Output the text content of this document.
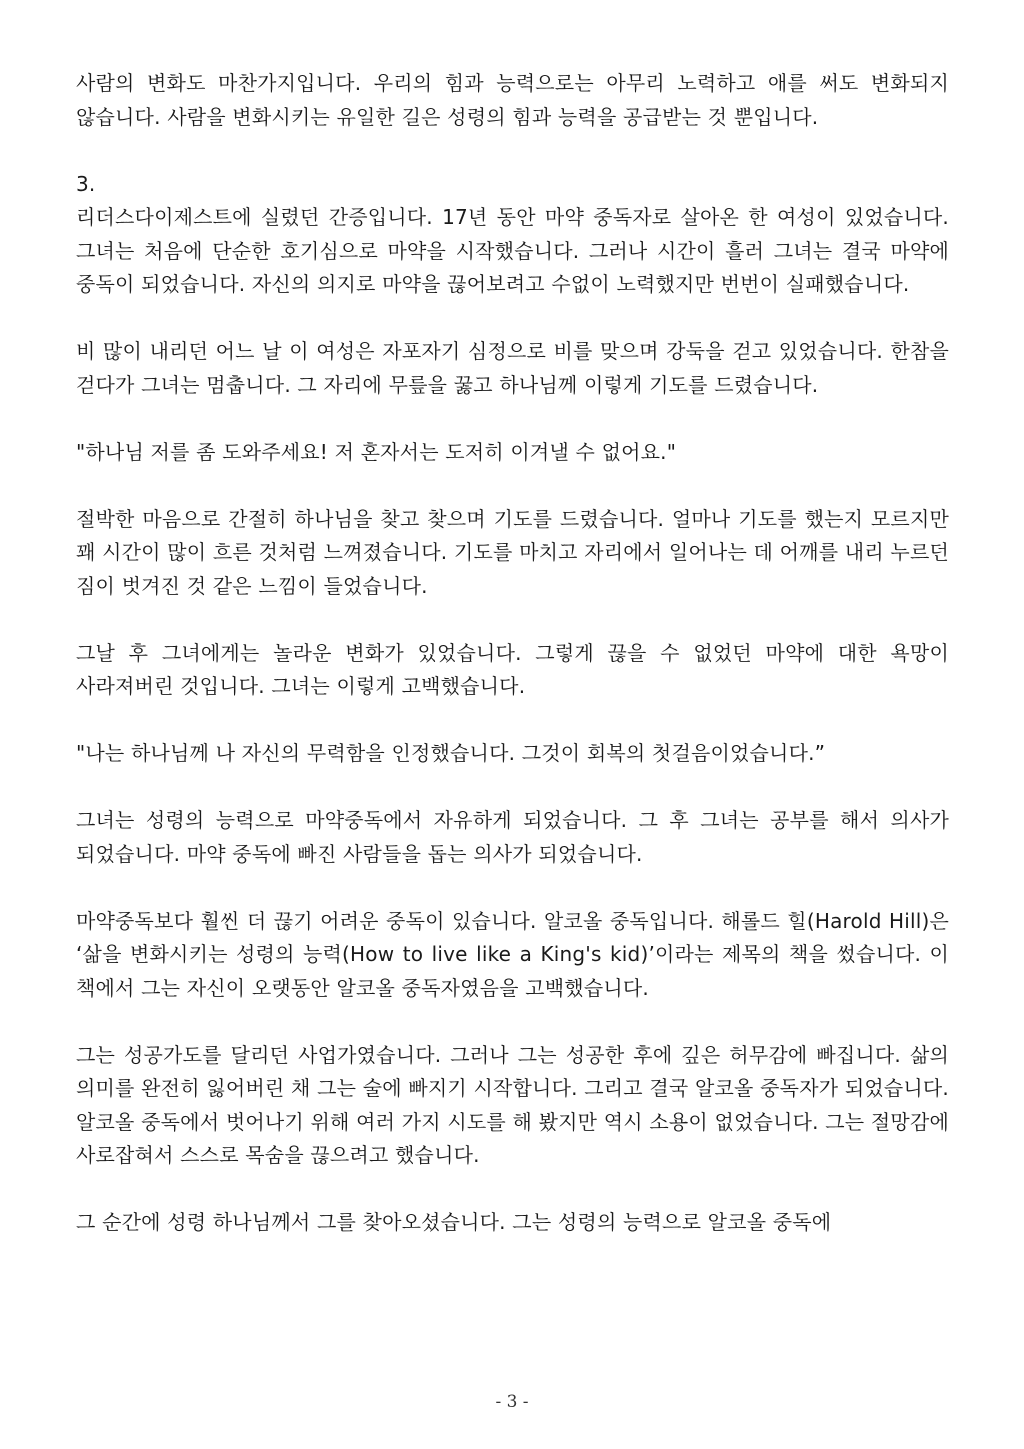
사람의 변화도 마찬가지입니다. 우리의 힘과 능력으로는 아무리 노력하고 애를 써도 변화되지 않습니다. 사람을 변화시키는 유일한 길은 성령의 힘과 능력을 공급받는 것 뿐입니다.

3.

리더스다이제스트에 실렸던 간증입니다. 17년 동안 마약 중독자로 살아온 한 여성이 있었습니다. 그녀는 처음에 단순한 호기심으로 마약을 시작했습니다. 그러나 시간이 흘러 그녀는 결국 마약에 중독이 되었습니다. 자신의 의지로 마약을 끊어보려고 수없이 노력했지만 번번이 실패했습니다.

비 많이 내리던 어느 날 이 여성은 자포자기 심정으로 비를 맞으며 강둑을 걷고 있었습니다. 한참을 걷다가 그녀는 멈춥니다. 그 자리에 무릎을 꿇고 하나님께 이렇게 기도를 드렸습니다.

"하나님 저를 좀 도와주세요! 저 혼자서는 도저히 이겨낼 수 없어요."

절박한 마음으로 간절히 하나님을 찾고 찾으며 기도를 드렸습니다. 얼마나 기도를 했는지 모르지만 꽤 시간이 많이 흐른 것처럼 느껴졌습니다. 기도를 마치고 자리에서 일어나는 데 어깨를 내리 누르던 짐이 벗겨진 것 같은 느낌이 들었습니다.

그날 후 그녀에게는 놀라운 변화가 있었습니다. 그렇게 끊을 수 없었던 마약에 대한 욕망이 사라져버린 것입니다. 그녀는 이렇게 고백했습니다.

"나는 하나님께 나 자신의 무력함을 인정했습니다. 그것이 회복의 첫걸음이었습니다.”

그녀는 성령의 능력으로 마약중독에서 자유하게 되었습니다. 그 후 그녀는 공부를 해서 의사가 되었습니다. 마약 중독에 빠진 사람들을 돕는 의사가 되었습니다.

마약중독보다 훨씬 더 끊기 어려운 중독이 있습니다. 알코올 중독입니다. 해롤드 힐(Harold Hill)은 ‘삶을 변화시키는 성령의 능력(How to live like a King's kid)’이라는 제목의 책을 썼습니다. 이 책에서 그는 자신이 오랫동안 알코올 중독자였음을 고백했습니다.

그는 성공가도를 달리던 사업가였습니다. 그러나 그는 성공한 후에 깊은 허무감에 빠집니다. 삶의 의미를 완전히 잃어버린 채 그는 술에 빠지기 시작합니다. 그리고 결국 알코올 중독자가 되었습니다. 알코올 중독에서 벗어나기 위해 여러 가지 시도를 해 봤지만 역시 소용이 없었습니다. 그는 절망감에 사로잡혀서 스스로 목숨을 끊으려고 했습니다.

그 순간에 성령 하나님께서 그를 찾아오셨습니다. 그는 성령의 능력으로 알코올 중독에

- 3 -
